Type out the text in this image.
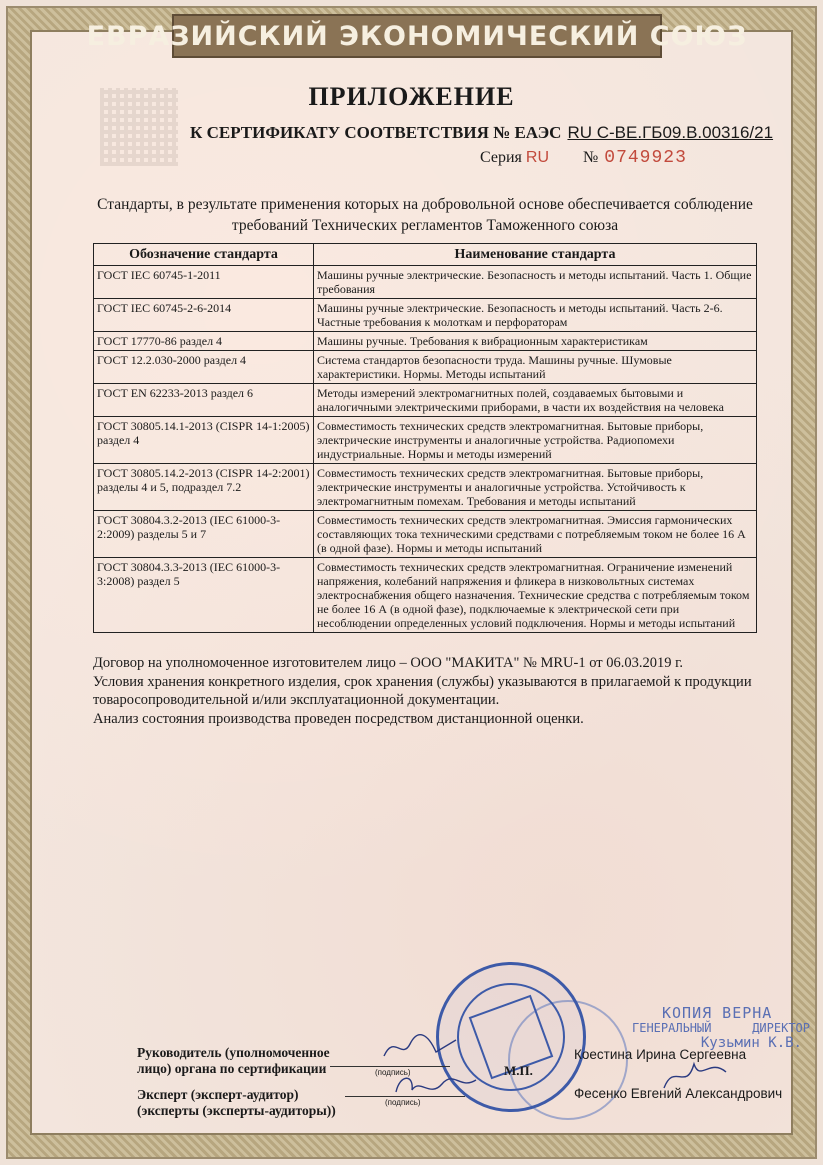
ЕВРАЗИЙСКИЙ ЭКОНОМИЧЕСКИЙ СОЮЗ
ПРИЛОЖЕНИЕ
К СЕРТИФИКАТУ СООТВЕТСТВИЯ № ЕАЭС RU С-ВЕ.ГБ09.В.00316/21
Серия RU № 0749923
Стандарты, в результате применения которых на добровольной основе обеспечивается соблюдение требований Технических регламентов Таможенного союза
Обозначение стандарта	Наименование стандарта
ГОСТ IEC 60745-1-2011	Машины ручные электрические. Безопасность и методы испытаний. Часть 1. Общие требования
ГОСТ IEC 60745-2-6-2014	Машины ручные электрические. Безопасность и методы испытаний. Часть 2-6. Частные требования к молоткам и перфораторам
ГОСТ 17770-86 раздел 4	Машины ручные. Требования к вибрационным характеристикам
ГОСТ 12.2.030-2000 раздел 4	Система стандартов безопасности труда. Машины ручные. Шумовые характеристики. Нормы. Методы испытаний
ГОСТ EN 62233-2013 раздел 6	Методы измерений электромагнитных полей, создаваемых бытовыми и аналогичными электрическими приборами, в части их воздействия на человека
ГОСТ 30805.14.1-2013 (CISPR 14-1:2005) раздел 4	Совместимость технических средств электромагнитная. Бытовые приборы, электрические инструменты и аналогичные устройства. Радиопомехи индустриальные. Нормы и методы измерений
ГОСТ 30805.14.2-2013 (CISPR 14-2:2001) разделы 4 и 5, подраздел 7.2	Совместимость технических средств электромагнитная. Бытовые приборы, электрические инструменты и аналогичные устройства. Устойчивость к электромагнитным помехам. Требования и методы испытаний
ГОСТ 30804.3.2-2013 (IEC 61000-3-2:2009) разделы 5 и 7	Совместимость технических средств электромагнитная. Эмиссия гармонических составляющих тока техническими средствами с потребляемым током не более 16 А (в одной фазе). Нормы и методы испытаний
ГОСТ 30804.3.3-2013 (IEC 61000-3-3:2008) раздел 5	Совместимость технических средств электромагнитная. Ограничение изменений напряжения, колебаний напряжения и фликера в низковольтных системах электроснабжения общего назначения. Технические средства с потребляемым током не более 16 А (в одной фазе), подключаемые к электрической сети при несоблюдении определенных условий подключения. Нормы и методы испытаний

Договор на уполномоченное изготовителем лицо – ООО "МАКИТА" № MRU-1 от 06.03.2019 г.

Условия хранения конкретного изделия, срок хранения (службы) указываются в прилагаемой к продукции товаросопроводительной и/или эксплуатационной документации.

Анализ состояния производства проведен посредством дистанционной оценки.

КОПИЯ ВЕРНА
ГЕНЕРАЛЬНЫЙ	ДИРЕКТОР
Кузьмин К.В.
Руководитель (уполномоченное
лицо) органа по сертификации	(подпись)	М.П.
Коестина Ирина Сергеевна
Эксперт (эксперт-аудитор)
(эксперты (эксперты-аудиторы))
(подпись)
Фесенко Евгений Александрович
